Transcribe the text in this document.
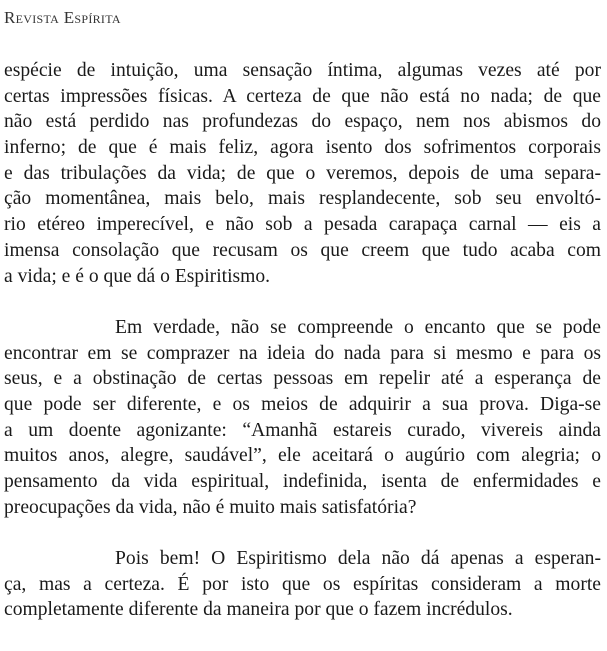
Revista Espírita
espécie de intuição, uma sensação íntima, algumas vezes até por
certas impressões físicas. A certeza de que não está no nada; de que
não está perdido nas profundezas do espaço, nem nos abismos do
inferno; de que é mais feliz, agora isento dos sofrimentos corporais
e das tribulações da vida; de que o veremos, depois de uma separa-
ção momentânea, mais belo, mais resplandecente, sob seu envoltó-
rio etéreo imperecível, e não sob a pesada carapaça carnal — eis a
imensa consolação que recusam os que creem que tudo acaba com
a vida; e é o que dá o Espiritismo.
Em verdade, não se compreende o encanto que se pode
encontrar em se comprazer na ideia do nada para si mesmo e para os
seus, e a obstinação de certas pessoas em repelir até a esperança de
que pode ser diferente, e os meios de adquirir a sua prova. Diga-se
a um doente agonizante: “Amanhã estareis curado, vivereis ainda
muitos anos, alegre, saudável”, ele aceitará o augúrio com alegria; o
pensamento da vida espiritual, indefinida, isenta de enfermidades e
preocupações da vida, não é muito mais satisfatória?
Pois bem! O Espiritismo dela não dá apenas a esperan-
ça, mas a certeza. É por isto que os espíritas consideram a morte
completamente diferente da maneira por que o fazem incrédulos.
